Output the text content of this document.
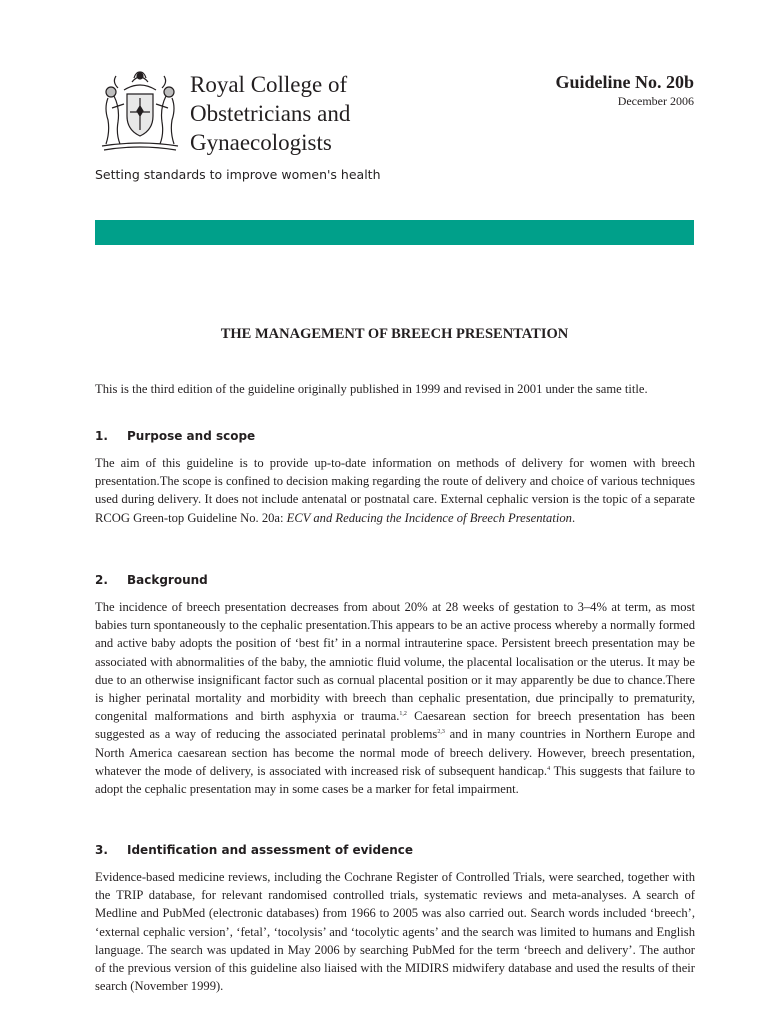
Royal College of
Obstetricians and
Gynaecologists
Setting standards to improve women's health
Guideline No. 20b
December 2006
THE MANAGEMENT OF BREECH PRESENTATION
This is the third edition of the guideline originally published in 1999 and revised in 2001 under the same title.
1. Purpose and scope
The aim of this guideline is to provide up-to-date information on methods of delivery for women with breech presentation.The scope is confined to decision making regarding the route of delivery and choice of various techniques used during delivery. It does not include antenatal or postnatal care. External cephalic version is the topic of a separate RCOG Green-top Guideline No. 20a: ECV and Reducing the Incidence of Breech Presentation.
2. Background
The incidence of breech presentation decreases from about 20% at 28 weeks of gestation to 3–4% at term, as most babies turn spontaneously to the cephalic presentation.This appears to be an active process whereby a normally formed and active baby adopts the position of ‘best fit’ in a normal intrauterine space. Persistent breech presentation may be associated with abnormalities of the baby, the amniotic fluid volume, the placental localisation or the uterus. It may be due to an otherwise insignificant factor such as cornual placental position or it may apparently be due to chance.There is higher perinatal mortality and morbidity with breech than cephalic presentation, due principally to prematurity, congenital malformations and birth asphyxia or trauma.$^{1,2}$ Caesarean section for breech presentation has been suggested as a way of reducing the associated perinatal problems$^{2,3}$ and in many countries in Northern Europe and North America caesarean section has become the normal mode of breech delivery. However, breech presentation, whatever the mode of delivery, is associated with increased risk of subsequent handicap.$^4$ This suggests that failure to adopt the cephalic presentation may in some cases be a marker for fetal impairment.
3. Identification and assessment of evidence
Evidence-based medicine reviews, including the Cochrane Register of Controlled Trials, were searched, together with the TRIP database, for relevant randomised controlled trials, systematic reviews and meta-analyses. A search of Medline and PubMed (electronic databases) from 1966 to 2005 was also carried out. Search words included ‘breech’, ‘external cephalic version’, ‘fetal’, ‘tocolysis’ and ‘tocolytic agents’ and the search was limited to humans and English language. The search was updated in May 2006 by searching PubMed for the term ‘breech and delivery’. The author of the previous version of this guideline also liaised with the MIDIRS midwifery database and used the results of their search (November 1999).
